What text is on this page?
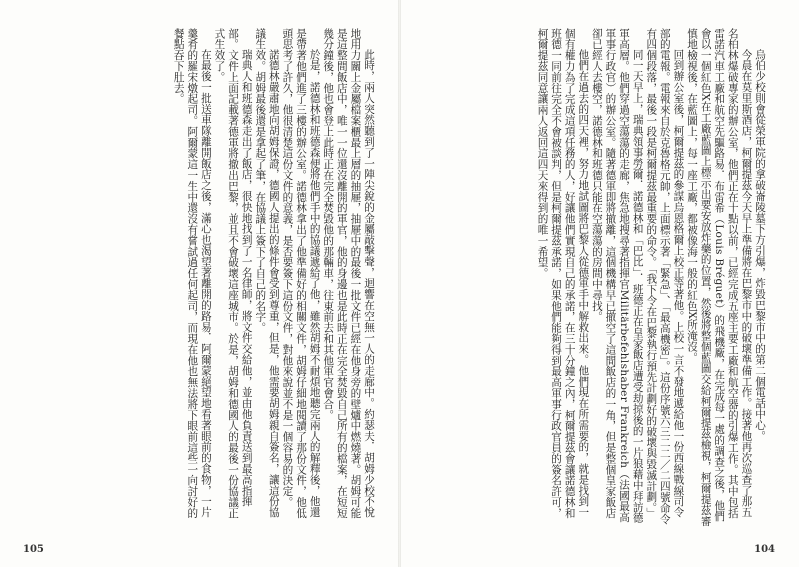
此時，兩人突然聽到了一陣尖銳的金屬敲擊聲，迴響在空無一人的走廊中。約瑟夫．胡姆少校不悅地用力關上金屬檔案櫃最上層的抽屜，抽屜中的最後一批文件已經在他身旁的壁爐中燃燒著。胡姆可能是這整間飯店中，唯一一位還沒離開的軍官，他的身邊也是此時正在完全焚毀自己所有的檔案，在短短幾分鐘後，他也會登上此時正在完全焚毀他的那輛車，往東前去和其他軍官會合。

於是，諾德林和班德森便將他們手中的協議遞給了他，雖然胡姆不耐煩地聽完兩人的解釋後，他還是帶著他們進了三樓的辦公室。諾德林拿出了他準備好的相關文件，胡姆仔細地閱讀了那份文件，他低頭思考了許久，他很清楚這份文件的意義，是否要簽下這份文件，對他來說並不是一個容易的決定。

諾德林嚴肅地向胡姆保證，德國人提出的條件會受到尊重，但是，他需要胡姆親自簽名，讓這份協議生效。胡姆最後還是拿起了筆，在協議上簽下了自己的名字。

瑞典人和班德森走出了飯店，很快地找到了一名律師，將文件交給他，並由他負責送到最高指揮部。文件上面記載著德軍將撤出巴黎，並且不會破壞這座城市。於是，胡姆和德國人的最後一份協議正式生效了。

在最後一批送車隊離開飯店之後，滿心也渴望著離開的路易．阿爾蒙絕望地看著眼前的食物，一片羹肴的羅宋燉起司。阿爾蒙這一生中還沒有嘗試過任何起司，而現在他也無法將下眼前這些一向討好的餐點吞下肚去。

105

烏伯少校則會從榮軍院的拿破崙陵墓下方引爆，炸毀巴黎市中的第二個電話中心。

今晨在莫里斯酒店，柯爾提茲今天早上準備將在巴黎市中的破壞準備工作。接著他再次巡查了那五名柏林爆破專家的辦公室，他們正在十點以前，已經完成五座主要工廠和航空器的引爆工作。其中包括雷諾汽車工廠和航空先驅路易．布雷希（Louis Bréguet）的飛機廠，在完成每一處的調查之後，他們會以一個紅色X在工廠藍圖上標示出要安放炸藥的位置，然後將整個藍圖交給柯爾提茲檢視，柯爾提茲審慎地檢視後，在藍圖上，每一座工廠，都被像海一般的紅色X所淹沒。

回到辦公室後，柯爾提茲的參謀烏恩格爾上校正等著他。上校一言不發地遞給他一份西線戰線司令部的電報。電報來自於克魯格元帥，上面標示著「緊急」、「最高機密」。這份序號六三二二／二四號命令有四個段落，最後一段是柯爾提茲最重要的命令。「我下令在巴黎執行預先計劃好的破壞與毀滅計劃。」

同一天早上，瑞典領事勞爾．諾德林和「巴比」．班德正在皇家飯店遭受劫掠後的一片狼藉中拜訪德軍高層。他們穿過空蕩蕩的走廊，焦急地搜尋著指揮官Militärbefehlshaber Frankreich（法國最高軍事行政官）的辦公室。隨著德軍即將撤離，這個機構早已撤空了這間飯店的一角，但是整個皇家飯店卻已經人去樓空，諾德林和班德只能在空蕩蕩的房間中尋找。

他們在過去的四天裡，努力地試圖將巴黎人從德軍手中解救出來。他們現在所需要的，就是找到一個有權力為了完成這項任務的人，好讓他們實現自己的承諾，在三十分鐘之內，柯爾提茲會讓諾德林和班德一同前往完全不會被談判，但是柯爾提茲承諾，如果他們能夠得到最高軍事行政官員的簽名許可，柯爾提茲同意讓兩人返回這四天來得到的唯一希望。

104
